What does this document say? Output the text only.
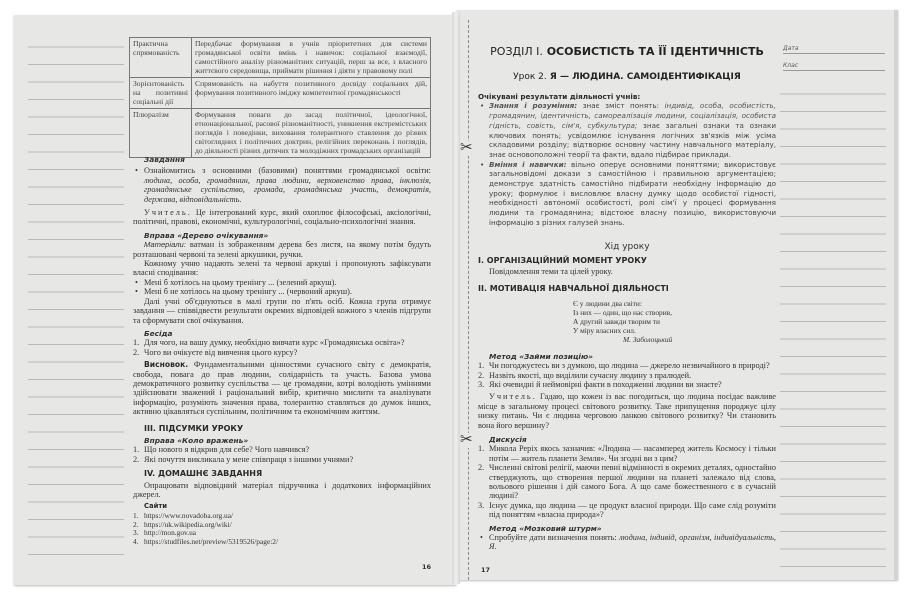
Практична спрямованість	Передбачає формування в учнів пріоритетних для системи громадянської освіти вмінь і навичок: соціальної взаємодії, самостійного аналізу різноманітних ситуацій, перш за все, з власного життєвого середовища, приймати рішення і діяти у правовому полі
Зорієнтованість на позитивні соціальні дії	Спрямованість на набуття позитивного досвіду соціальних дій, формування позитивного іміджу компетентної громадянськості
Плюралізм	Формування поваги до засад політичної, ідеологічної, етнонаціональної, расової різноманітності, уникнення екстремістських поглядів і поведінки, виховання толерантного ставлення до різних світоглядних і політичних доктрин, релігійних переконань і поглядів, до діяльності різних дитячих та молодіжних громадських організацій
Завдання
• Ознайомитись з основними (базовими) поняттями громадянської освіти: людина, особа, громадянин, права людини, верховенство права, інклюзія, громадянське суспільство, громада, громадянська участь, демократія, держава, відповідальність.

Учитель. Це інтегрований курс, який охоплює філософські, аксіологічні, політичні, правові, економічні, культурологічні, соціально-психологічні знання.

Вправа «Дерево очікування»

Матеріали: ватман із зображенням дерева без листя, на якому потім будуть розташовані червоні та зелені аркушики, ручки.

Кожному учню надають зелені та червоні аркуші і пропонують зафіксувати власні сподівання:

• Мені б хотілось на цьому тренінгу ... (зелений аркуш).
• Мені б не хотілось на цьому тренінгу ... (червоний аркуш).

Далі учні об'єднуються в малі групи по п'ять осіб. Кожна група отримує завдання — співвідвести результати окремих відповідей кожного з членів підгрупи та сформувати свої очікування.

Бесіда
1. Для чого, на вашу думку, необхідно вивчати курс «Громадянська освіта»?
2. Чого ви очікуєте від вивчення цього курсу?

Висновок. Фундаментальними цінностями сучасного світу є демократія, свобода, повага до прав людини, солідарність та участь. Базова умова демократичного розвитку суспільства — це громадяни, котрі володіють уміннями здійснювати зважений і раціональний вибір, критично мислити та аналізувати інформацію, розуміють значення права, толерантно ставляться до думок інших, активно цікавляться суспільним, політичним та економічним життям.

ІІІ. ПІДСУМКИ УРОКУ
Вправа «Коло вражень»
1. Що нового я відкрив для себе? Чого навчився?
2. Які почуття викликала у мене співпраця з іншими учнями?
IV. ДОМАШНЄ ЗАВДАННЯ

Опрацювати відповідний матеріал підручника і додаткових інформаційних джерел.

Сайти
1. https://www.novadoba.org.ua/
2. https://uk.wikipedia.org/wiki/
3. http://mon.gov.ua
4. https://studfiles.net/preview/5319526/page:2/
16
✂
✂
Дата
Клас
РОЗДІЛ І. ОСОБИСТІСТЬ ТА ЇЇ ІДЕНТИЧНІСТЬ
Урок 2. Я — ЛЮДИНА. САМОІДЕНТИФІКАЦІЯ
Очікувані результати діяльності учнів:
• Знання і розуміння: знає зміст понять: індивід, особа, особистість, громадянин, ідентичність, самореалізація людини, соціалізація, особиста гідність, совість, сім'я, субкультура; знає загальні ознаки та ознаки ключових понять; усвідомлює існування логічних зв'язків між усіма складовими розділу; відтворює основну частину навчального матеріалу, знає основоположні теорії та факти, вдало підбирає приклади.
• Вміння і навички: вільно оперує основними поняттями; використовує загальновідомі докази з самостійною і правильною аргументацією; демонструє здатність самостійно підбирати необхідну інформацію до уроку; формулює і висловлює власну думку щодо особистої гідності, необхідності автономії особистості, ролі сім'ї у процесі формування людини та громадянина; відстоює власну позицію, використовуючи інформацію з різних галузей знань.
Хід уроку
І. ОРГАНІЗАЦІЙНИЙ МОМЕНТ УРОКУ

Повідомлення теми та цілей уроку.

ІІ. МОТИВАЦІЯ НАВЧАЛЬНОЇ ДІЯЛЬНОСТІ
Є у людини два світи:
Із них — один, що нас створив,
А другий завжди творим ти
У міру власних сил.
М. Заболоцький
Метод «Займи позицію»
1. Чи погоджуєтесь ви з думкою, що людина — джерело незвичайного в природі?
2. Назвіть якості, що виділили сучасну людину з пралюдей.
3. Які очевидні й неймовірні факти в походженні людини ви знаєте?

Учитель. Гадаю, що кожен із вас погодиться, що людина посідає важливе місце в загальному процесі світового розвитку. Таке припущення породжує цілу низку питань. Чи є людина черговою ланкою світового розвитку? Чи становить вона його вершину?

Дискусія
1. Микола Реріх якось зазначив: «Людина — насамперед житель Космосу і тільки потім — житель планети Земля». Чи згодні ви з цим?
2. Численні світові релігії, маючи певні відмінності в окремих деталях, одностайно стверджують, що створення першої людини на планеті залежало від слова, вольового рішення і дій самого Бога. А що саме божественного є в сучасній людині?
3. Існує думка, що людина — це продукт власної природи. Що саме слід розуміти під поняттям «власна природа»?
Метод «Мозковий штурм»
• Спробуйте дати визначення понять: людина, індивід, організм, індивідуальність, Я.
17
